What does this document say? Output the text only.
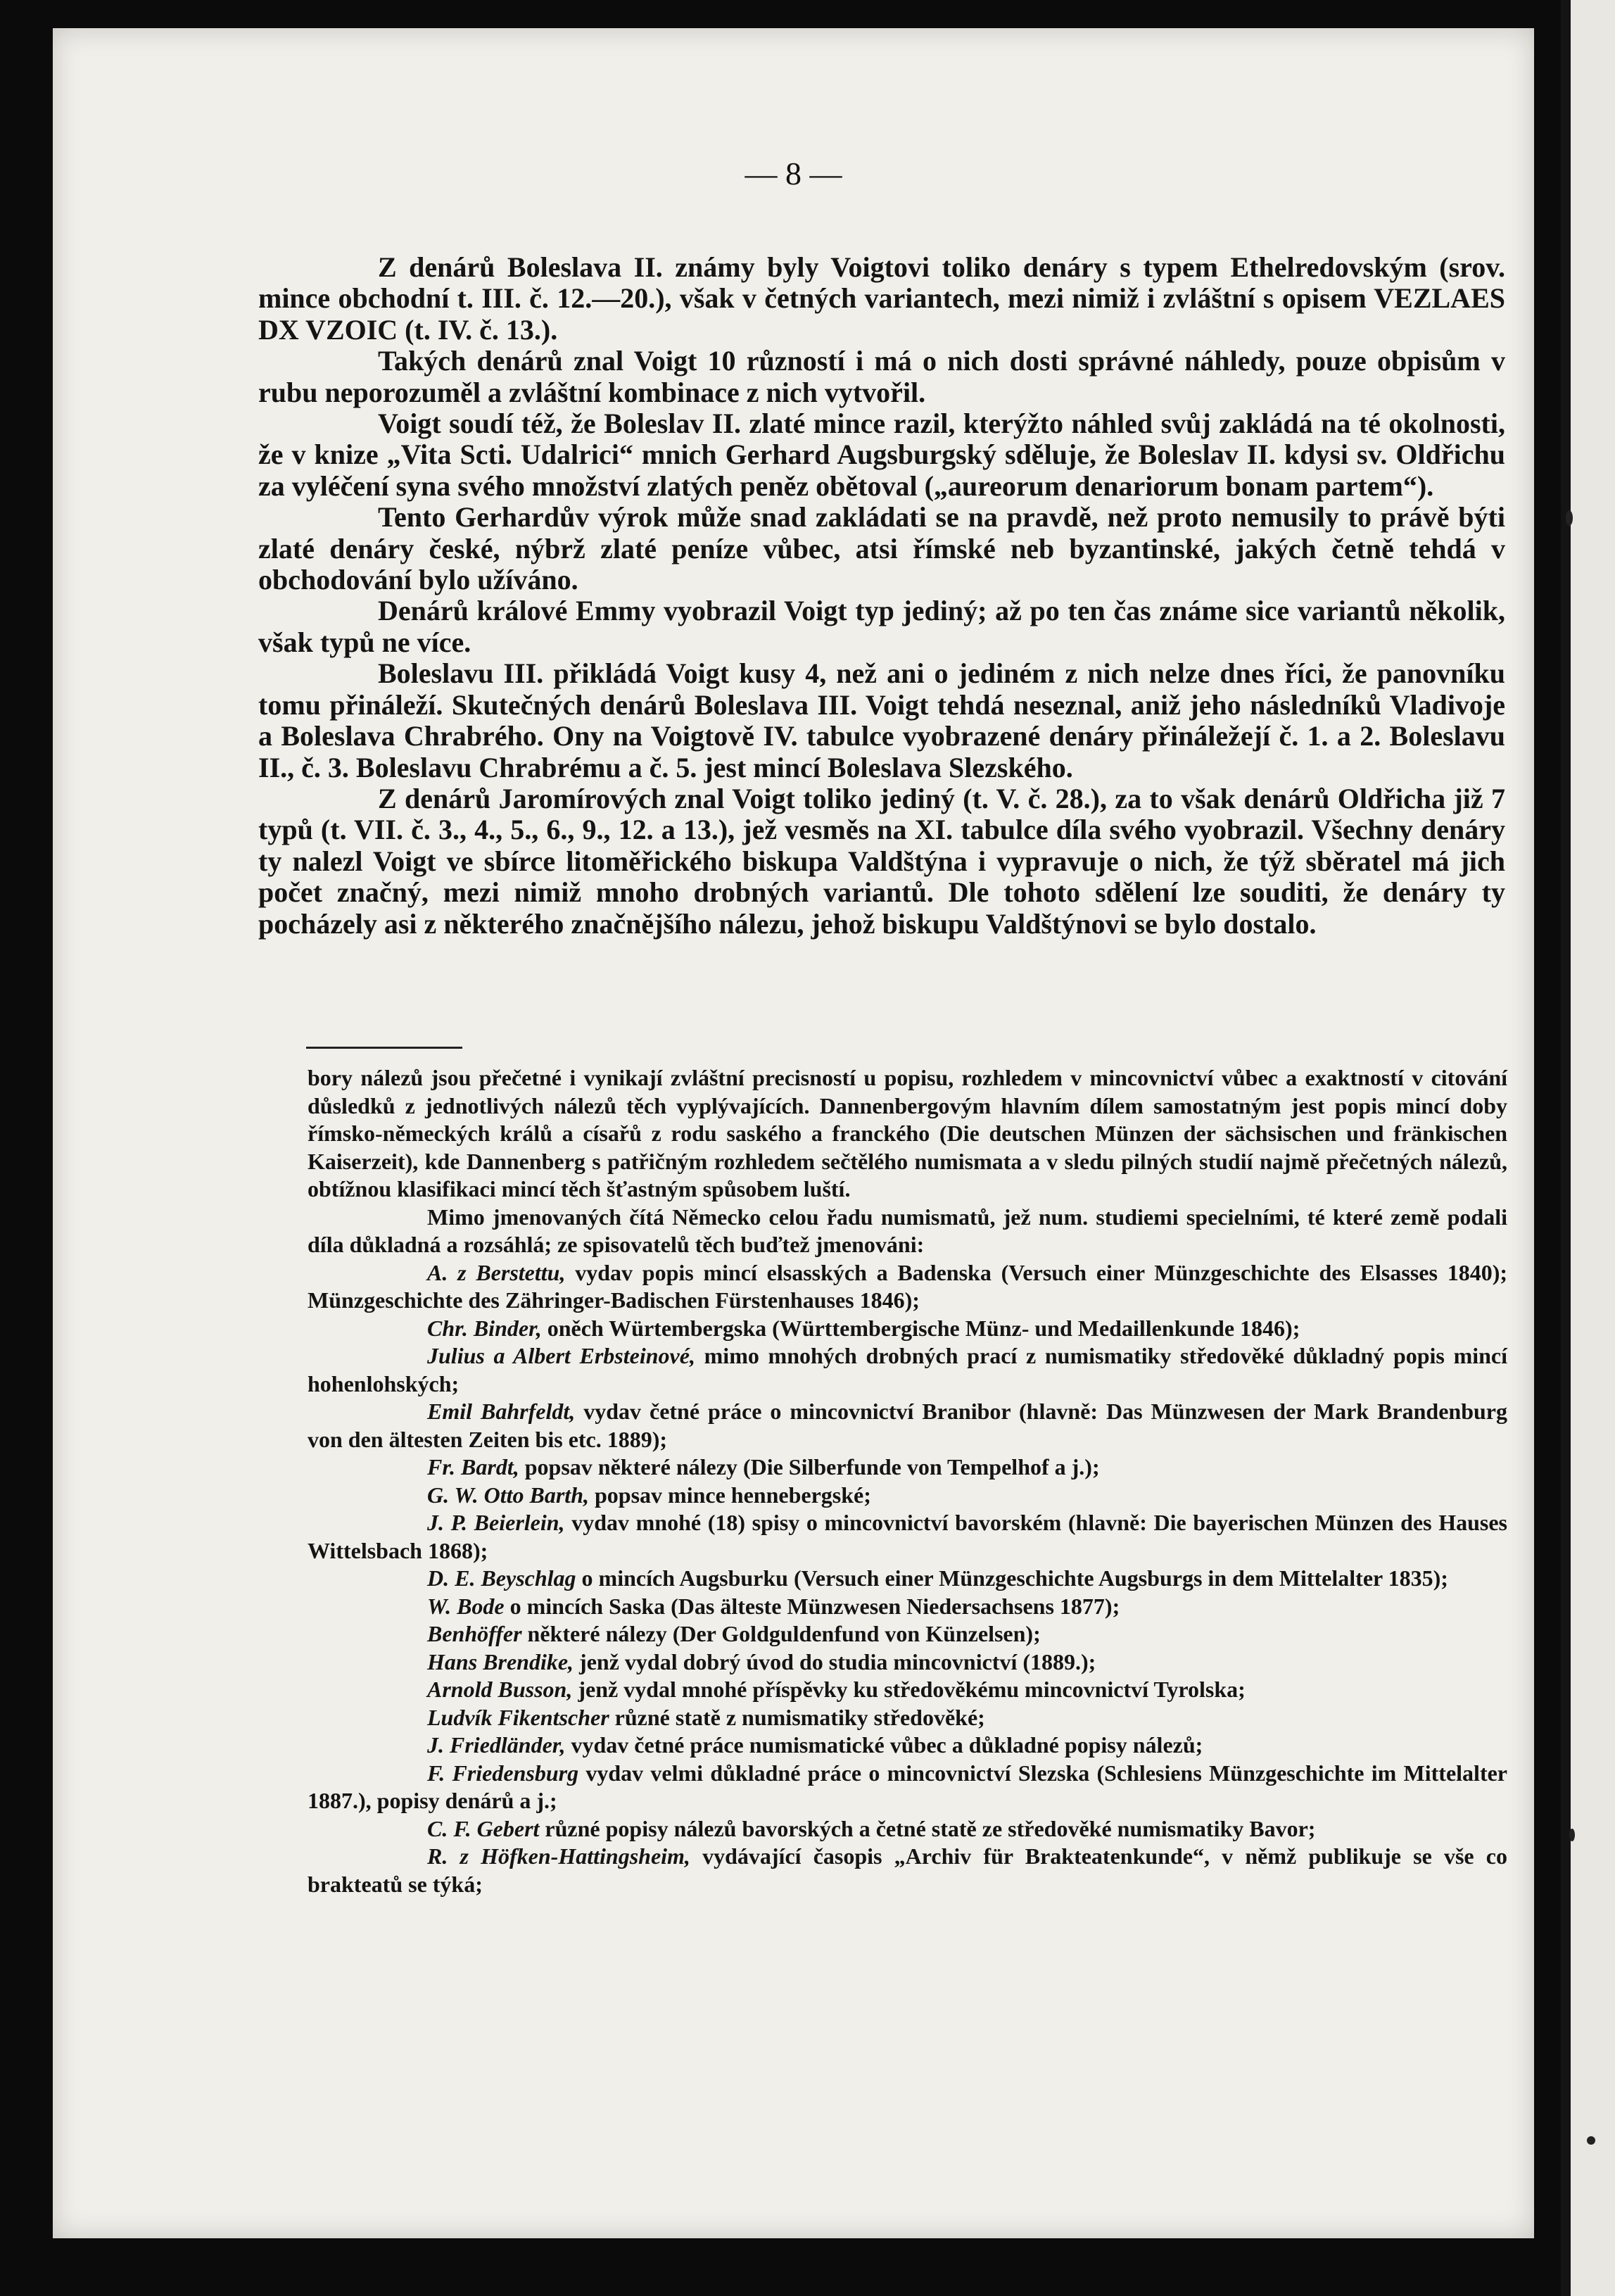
— 8 —

Z denárů Boleslava II. známy byly Voigtovi toliko denáry s typem Ethelredovským (srov. mince obchodní t. III. č. 12.—20.), však v četných variantech, mezi nimiž i zvláštní s opisem VEZLAES DX VZOIC (t. IV. č. 13.).

Takých denárů znal Voigt 10 růzností i má o nich dosti správné náhledy, pouze obpisům v rubu neporozuměl a zvláštní kombinace z nich vytvořil.

Voigt soudí též, že Boleslav II. zlaté mince razil, kterýžto náhled svůj zakládá na té okolnosti, že v knize „Vita Scti. Udalrici“ mnich Gerhard Augsburgský sděluje, že Boleslav II. kdysi sv. Oldřichu za vyléčení syna svého množství zlatých peněz obětoval („aureorum denariorum bonam partem“).

Tento Gerhardův výrok může snad zakládati se na pravdě, než proto nemusily to právě býti zlaté denáry české, nýbrž zlaté peníze vůbec, atsi římské neb byzantinské, jakých četně tehdá v obchodování bylo užíváno.

Denárů králové Emmy vyobrazil Voigt typ jediný; až po ten čas známe sice variantů několik, však typů ne více.

Boleslavu III. přikládá Voigt kusy 4, než ani o jediném z nich nelze dnes říci, že panovníku tomu přináleží. Skutečných denárů Boleslava III. Voigt tehdá neseznal, aniž jeho následníků Vladivoje a Boleslava Chrabrého. Ony na Voigtově IV. tabulce vyobrazené denáry přináležejí č. 1. a 2. Boleslavu II., č. 3. Boleslavu Chrabrému a č. 5. jest mincí Boleslava Slezského.

Z denárů Jaromírových znal Voigt toliko jediný (t. V. č. 28.), za to však denárů Oldřicha již 7 typů (t. VII. č. 3., 4., 5., 6., 9., 12. a 13.), jež vesměs na XI. tabulce díla svého vyobrazil. Všechny denáry ty nalezl Voigt ve sbírce litoměřického biskupa Valdštýna i vypravuje o nich, že týž sběratel má jich počet značný, mezi nimiž mnoho drobných variantů. Dle tohoto sdělení lze souditi, že denáry ty pocházely asi z některého značnějšího nálezu, jehož biskupu Valdštýnovi se bylo dostalo.

bory nálezů jsou přečetné i vynikají zvláštní precisností u popisu, rozhledem v mincovnictví vůbec a exaktností v citování důsledků z jednotlivých nálezů těch vyplývajících. Dannenbergovým hlavním dílem samostatným jest popis mincí doby římsko-německých králů a císařů z rodu saského a franckého (Die deutschen Münzen der sächsischen und fränkischen Kaiserzeit), kde Dannenberg s patřičným rozhledem sečtělého numismata a v sledu pilných studií najmě přečetných nálezů, obtížnou klasifikaci mincí těch šťastným spůsobem luští.

Mimo jmenovaných čítá Německo celou řadu numismatů, jež num. studiemi specielními, té které země podali díla důkladná a rozsáhlá; ze spisovatelů těch buďtež jmenováni:

A. z Berstettu, vydav popis mincí elsasských a Badenska (Versuch einer Münzgeschichte des Elsasses 1840); Münzgeschichte des Zähringer-Badischen Fürstenhauses 1846);

Chr. Binder, oněch Würtembergska (Württembergische Münz- und Medaillenkunde 1846);

Julius a Albert Erbsteinové, mimo mnohých drobných prací z numismatiky středověké důkladný popis mincí hohenlohských;

Emil Bahrfeldt, vydav četné práce o mincovnictví Branibor (hlavně: Das Münzwesen der Mark Brandenburg von den ältesten Zeiten bis etc. 1889);

Fr. Bardt, popsav některé nálezy (Die Silberfunde von Tempelhof a j.);

G. W. Otto Barth, popsav mince hennebergské;

J. P. Beierlein, vydav mnohé (18) spisy o mincovnictví bavorském (hlavně: Die bayerischen Münzen des Hauses Wittelsbach 1868);

D. E. Beyschlag o mincích Augsburku (Versuch einer Münzgeschichte Augsburgs in dem Mittelalter 1835);

W. Bode o mincích Saska (Das älteste Münzwesen Niedersachsens 1877);

Benhöffer některé nálezy (Der Goldguldenfund von Künzelsen);

Hans Brendike, jenž vydal dobrý úvod do studia mincovnictví (1889.);

Arnold Busson, jenž vydal mnohé příspěvky ku středověkému mincovnictví Tyrolska;

Ludvík Fikentscher různé statě z numismatiky středověké;

J. Friedländer, vydav četné práce numismatické vůbec a důkladné popisy nálezů;

F. Friedensburg vydav velmi důkladné práce o mincovnictví Slezska (Schlesiens Münzgeschichte im Mittelalter 1887.), popisy denárů a j.;

C. F. Gebert různé popisy nálezů bavorských a četné statě ze středověké numismatiky Bavor;

R. z Höfken-Hattingsheim, vydávající časopis „Archiv für Brakteatenkunde“, v němž publikuje se vše co brakteatů se týká;
